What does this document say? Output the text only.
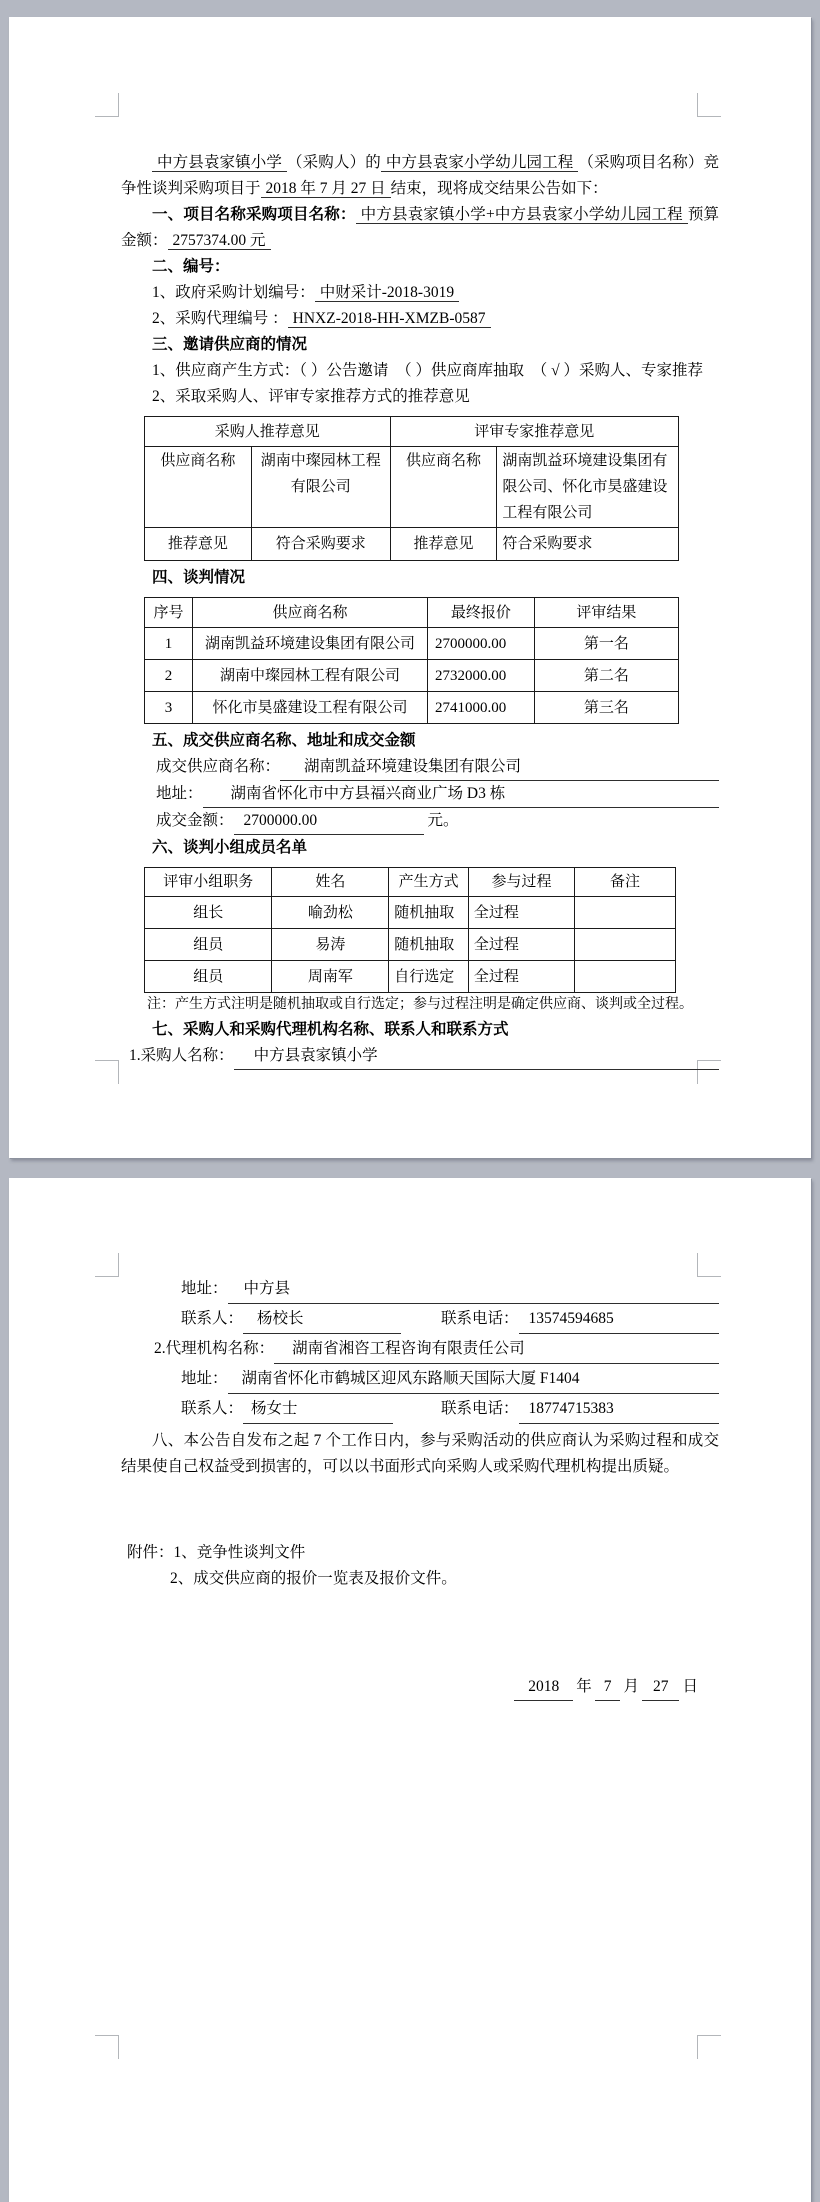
中方县袁家镇小学 （采购人）的 中方县袁家小学幼儿园工程 （采购项目名称）竞争性谈判采购项目于 2018 年 7 月 27 日 结束，现将成交结果公告如下：

一、项目名称采购项目名称： 中方县袁家镇小学+中方县袁家小学幼儿园工程 预算金额： 2757374.00 元

二、编号：

1、政府采购计划编号： 中财采计-2018-3019

2、采购代理编号 ： HNXZ-2018-HH-XMZB-0587

三、邀请供应商的情况

1、供应商产生方式：（ ）公告邀请　（ ）供应商库抽取　（ √ ）采购人、专家推荐

2、采取采购人、评审专家推荐方式的推荐意见

采购人推荐意见		评审专家推荐意见	
供应商名称	湖南中璨园林工程有限公司	供应商名称	湖南凯益环境建设集团有限公司、怀化市昊盛建设工程有限公司
推荐意见	符合采购要求	推荐意见	符合采购要求

四、谈判情况

序号	供应商名称	最终报价	评审结果
1	湖南凯益环境建设集团有限公司	2700000.00	第一名
2	湖南中璨园林工程有限公司	2732000.00	第二名
3	怀化市昊盛建设工程有限公司	2741000.00	第三名

五、成交供应商名称、地址和成交金额

成交供应商名称：	湖南凯益环境建设集团有限公司
地址：	湖南省怀化市中方县福兴商业广场 D3 栋
成交金额： 2700000.00	元。

六、谈判小组成员名单

评审小组职务	姓名	产生方式	参与过程	备注
组长	喻劲松	随机抽取	全过程	
组员	易涛	随机抽取	全过程	
组员	周南军	自行选定	全过程	

注：产生方式注明是随机抽取或自行选定；参与过程注明是确定供应商、谈判或全过程。

七、采购人和采购代理机构名称、联系人和联系方式

1.采购人名称：	中方县袁家镇小学
地址：	中方县
联系人： 杨校长	联系电话： 13574594685
2.代理机构名称：	湖南省湘咨工程咨询有限责任公司
地址： 湖南省怀化市鹤城区迎风东路顺天国际大厦 F1404
联系人： 杨女士	联系电话： 18774715383

八、本公告自发布之起 7 个工作日内，参与采购活动的供应商认为采购过程和成交结果使自己权益受到损害的，可以以书面形式向采购人或采购代理机构提出质疑。

附件：1、竞争性谈判文件

2、成交供应商的报价一览表及报价文件。

2018	年 7 月 27 日
